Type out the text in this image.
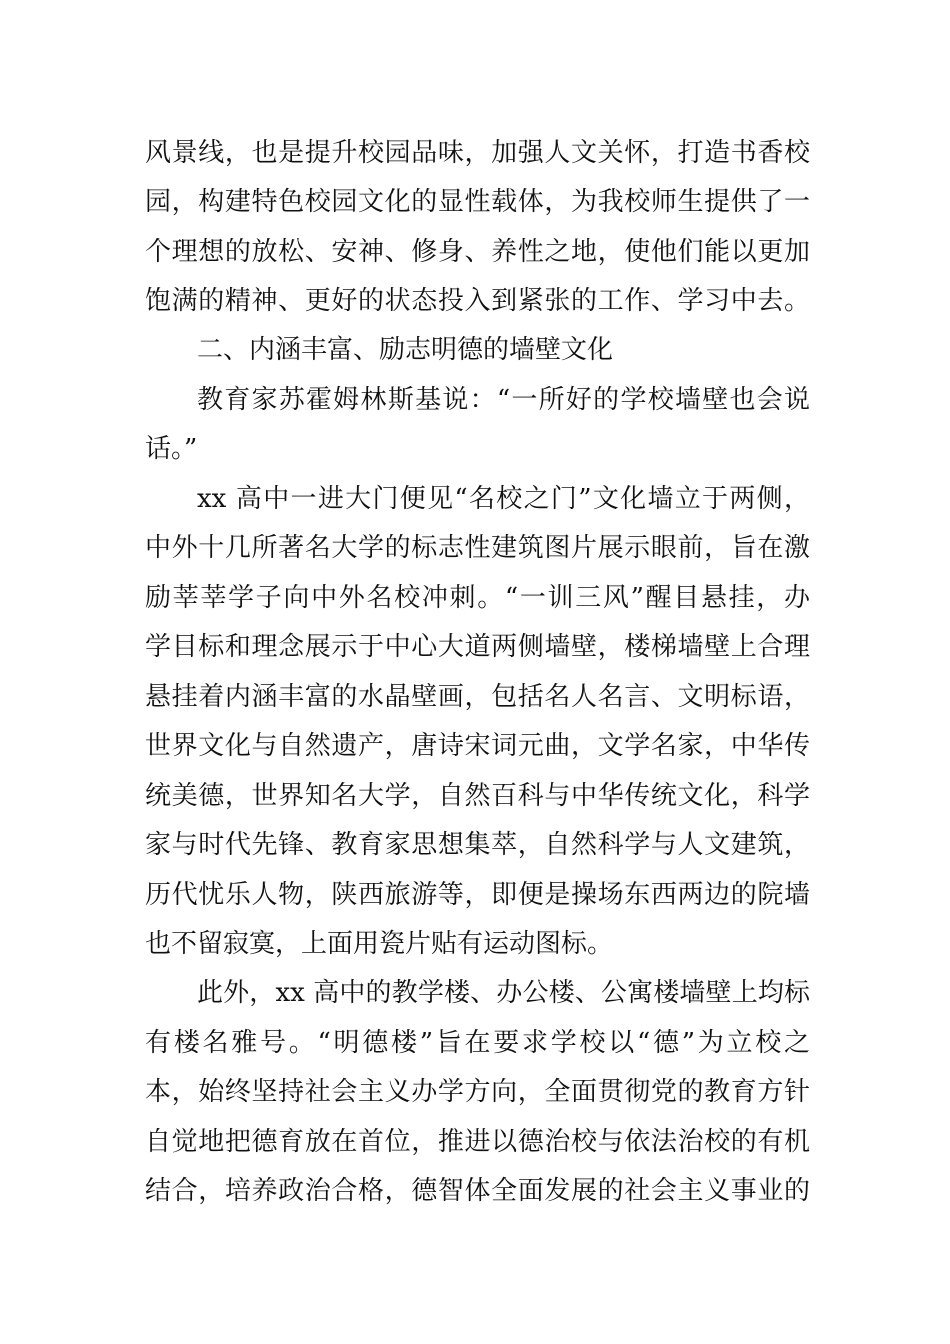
风景线，也是提升校园品味，加强人文关怀，打造书香校
园，构建特色校园文化的显性载体，为我校师生提供了一
个理想的放松、安神、修身、养性之地，使他们能以更加
饱满的精神、更好的状态投入到紧张的工作、学习中去。
二、内涵丰富、励志明德的墙壁文化
教育家苏霍姆林斯基说：“一所好的学校墙壁也会说
话。”
xx 高中一进大门便见“名校之门”文化墙立于两侧，
中外十几所著名大学的标志性建筑图片展示眼前，旨在激
励莘莘学子向中外名校冲刺。“一训三风”醒目悬挂，办
学目标和理念展示于中心大道两侧墙壁，楼梯墙壁上合理
悬挂着内涵丰富的水晶壁画，包括名人名言、文明标语，
世界文化与自然遗产，唐诗宋词元曲，文学名家，中华传
统美德，世界知名大学，自然百科与中华传统文化，科学
家与时代先锋、教育家思想集萃，自然科学与人文建筑，
历代忧乐人物，陕西旅游等，即便是操场东西两边的院墙
也不留寂寞，上面用瓷片贴有运动图标。
此外，xx 高中的教学楼、办公楼、公寓楼墙壁上均标
有楼名雅号。“明德楼”旨在要求学校以“德”为立校之
本，始终坚持社会主义办学方向，全面贯彻党的教育方针
自觉地把德育放在首位，推进以德治校与依法治校的有机
结合，培养政治合格，德智体全面发展的社会主义事业的
